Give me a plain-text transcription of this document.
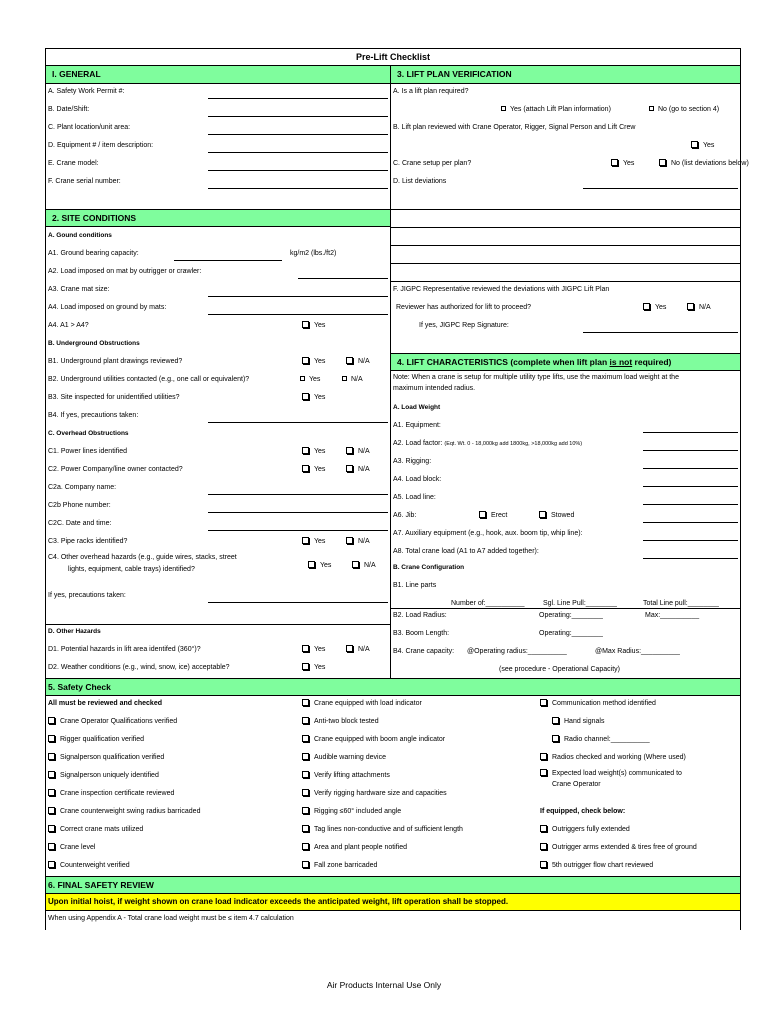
Pre-Lift Checklist
I. GENERAL
A. Safety Work Permit #:
B. Date/Shift:
C. Plant location/unit area:
D. Equipment # / item description:
E. Crane model:
F. Crane serial number:
2. SITE CONDITIONS
A. Gound conditions
A1. Ground bearing capacity:	kg/m2 (lbs./ft2)
A2. Load imposed on mat by outrigger or crawler:
A3. Crane mat size:
A4. Load imposed on ground by mats:
A4. A1 > A4?	Yes
B. Underground Obstructions
B1. Underground plant drawings reviewed?	Yes	N/A
B2. Underground utilities contacted (e.g., one call or equivalent)?	Yes	N/A
B3. Site inspected for unidentified utilities?	Yes
B4. If yes, precautions taken:
C. Overhead Obstructions
C1. Power lines identified	Yes	N/A
C2. Power Company/line owner contacted?	Yes	N/A
C2a. Company name:
C2b Phone number:
C2C. Date and time:
C3. Pipe racks identified?	Yes	N/A
C4. Other overhead hazards (e.g., guide wires, stacks, street
lights, equipment, cable trays) identified?
Yes	N/A
If yes, precautions taken:
D. Other Hazards
D1. Potential hazards in lift area identifed (360°)?	Yes	N/A
D2. Weather conditions (e.g., wind, snow, ice) acceptable?	Yes
3. LIFT PLAN VERIFICATION
A. Is a lift plan required?
Yes (attach Lift Plan information)	No (go to section 4)
B. Lift plan reviewed with Crane Operator, Rigger, Signal Person and Lift Crew
Yes
C. Crane setup per plan?	Yes	No (list deviations below)
D. List deviations
F. JIGPC Representative reviewed the deviations with JIGPC Lift Plan
Reviewer has authorized for lift to proceed?	Yes	N/A
If yes, JIGPC Rep Signature:
4. LIFT CHARACTERISTICS (complete when lift plan is not required)
Note: When a crane is setup for multiple utility type lifts, use the maximum load weight at the
maximum intended radius.
A. Load Weight
A1. Equipment:
A2. Load factor: (Eqt. Wt. 0 - 18,000kg add 1800kg, >18,000kg add 10%)
A3. Rigging:
A4. Load block:
A5. Load line:
A6. Jib:	Erect	Stowed
A7. Auxiliary equipment (e.g., hook, aux. boom tip, whip line):
A8. Total crane load (A1 to A7 added together):
B. Crane Configuration
B1. Line parts
Number of:__________	Sgl. Line Pull:________	Total Line pull:________
B2. Load Radius:	Operating:________	Max:__________
B3. Boom Length:	Operating:________
B4. Crane capacity: @Operating radius:__________	@Max Radius:__________
(see procedure - Operational Capacity)
5. Safety Check
All must be reviewed and checked
Crane Operator Qualifications verified
Rigger qualification verified
Signalperson qualification verified
Signalperson uniquely identified
Crane inspection certificate reviewed
Crane counterweight swing radius barricaded
Correct crane mats utilized
Crane level
Counterweight verified
Crane equipped with load indicator
Anti-two block tested
Crane equipped with boom angle indicator
Audible warning device
Verify lifting attachments
Verify rigging hardware size and capacities
Rigging ≤60° included angle
Tag lines non-conductive and of sufficient length
Area and plant people notified
Fall zone barricaded
Communication method identified
Hand signals
Radio channel:__________
Radios checked and working (Where used)
Expected load weight(s) communicated to
Crane Operator
If equipped, check below:
Outriggers fully extended
Outrigger arms extended & tires free of ground
5th outrigger flow chart reviewed
6. FINAL SAFETY REVIEW
Upon initial hoist, if weight shown on crane load indicator exceeds the anticipated weight, lift operation shall be stopped.
When using Appendix A - Total crane load weight must be ≤ item 4.7 calculation
Air Products Internal Use Only
